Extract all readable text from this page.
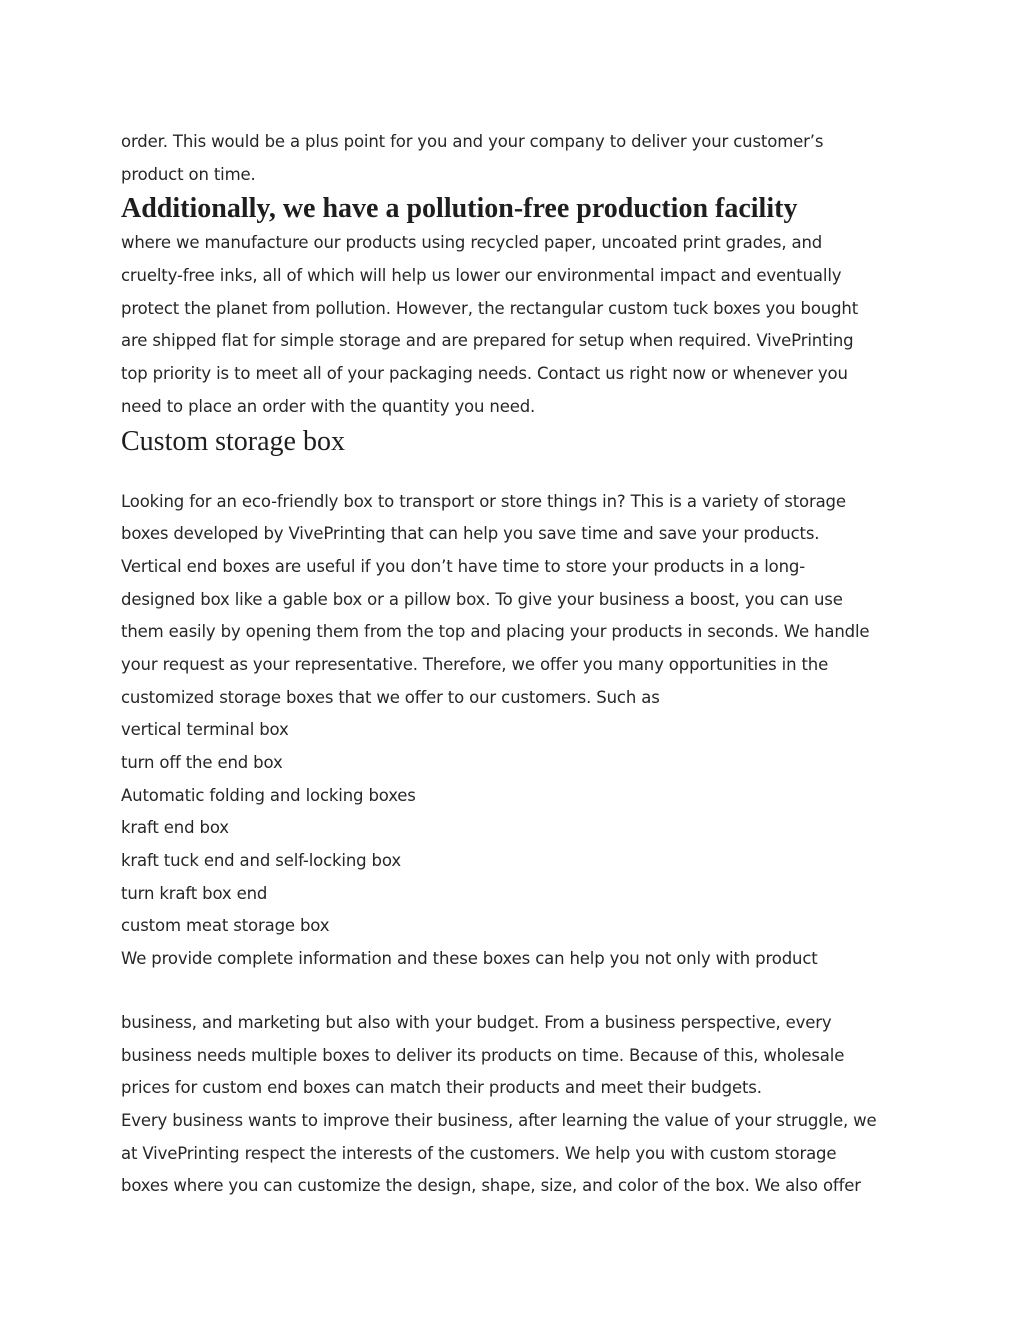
order. This would be a plus point for you and your company to deliver your customer’s
product on time.
Additionally, we have a pollution-free production facility
where we manufacture our products using recycled paper, uncoated print grades, and
cruelty-free inks, all of which will help us lower our environmental impact and eventually
protect the planet from pollution. However, the rectangular custom tuck boxes you bought
are shipped flat for simple storage and are prepared for setup when required. VivePrinting
top priority is to meet all of your packaging needs. Contact us right now or whenever you
need to place an order with the quantity you need.
Custom storage box
Looking for an eco-friendly box to transport or store things in? This is a variety of storage
boxes developed by VivePrinting that can help you save time and save your products.
Vertical end boxes are useful if you don’t have time to store your products in a long-
designed box like a gable box or a pillow box. To give your business a boost, you can use
them easily by opening them from the top and placing your products in seconds. We handle
your request as your representative. Therefore, we offer you many opportunities in the
customized storage boxes that we offer to our customers. Such as
vertical terminal box
turn off the end box
Automatic folding and locking boxes
kraft end box
kraft tuck end and self-locking box
turn kraft box end
custom meat storage box
We provide complete information and these boxes can help you not only with product
business, and marketing but also with your budget. From a business perspective, every
business needs multiple boxes to deliver its products on time. Because of this, wholesale
prices for custom end boxes can match their products and meet their budgets.
Every business wants to improve their business, after learning the value of your struggle, we
at VivePrinting respect the interests of the customers. We help you with custom storage
boxes where you can customize the design, shape, size, and color of the box. We also offer
